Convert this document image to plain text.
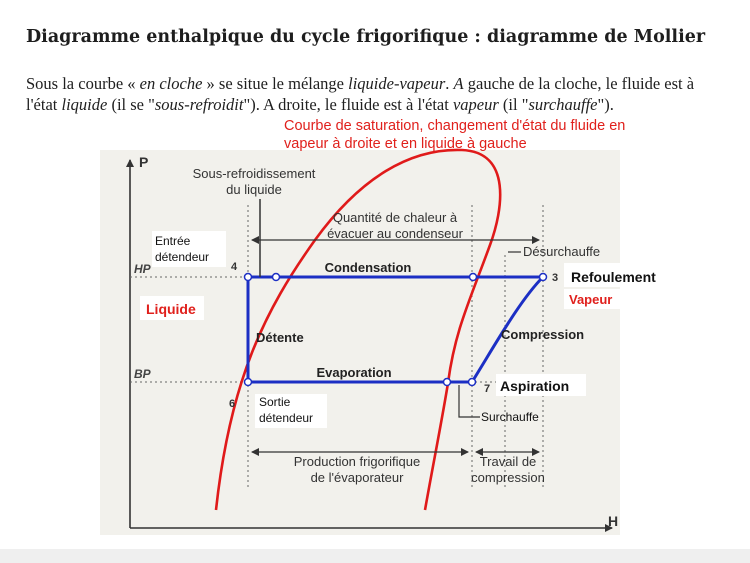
Diagramme enthalpique du cycle frigorifique : diagramme de Mollier
Sous la courbe « en cloche » se situe le mélange liquide-vapeur. A gauche de la cloche, le fluide est à l'état liquide (il se "sous-refroidit"). A droite, le fluide est à l'état vapeur (il "surchauffe").
P
H
HP
BP
4
3
6
7
Sous-refroidissement
du liquide
Quantité de chaleur à
évacuer au condenseur
Désurchauffe
Condensation
Détente	Compression
Evaporation
Surchauffe
Production frigorifique
de l'évaporateur
Travail de
compression
Entrée
détendeur
Sortie
détendeur
Liquide
Refoulement
Vapeur
Aspiration
Courbe de saturation, changement d'état du fluide en
vapeur à droite et en liquide à gauche
